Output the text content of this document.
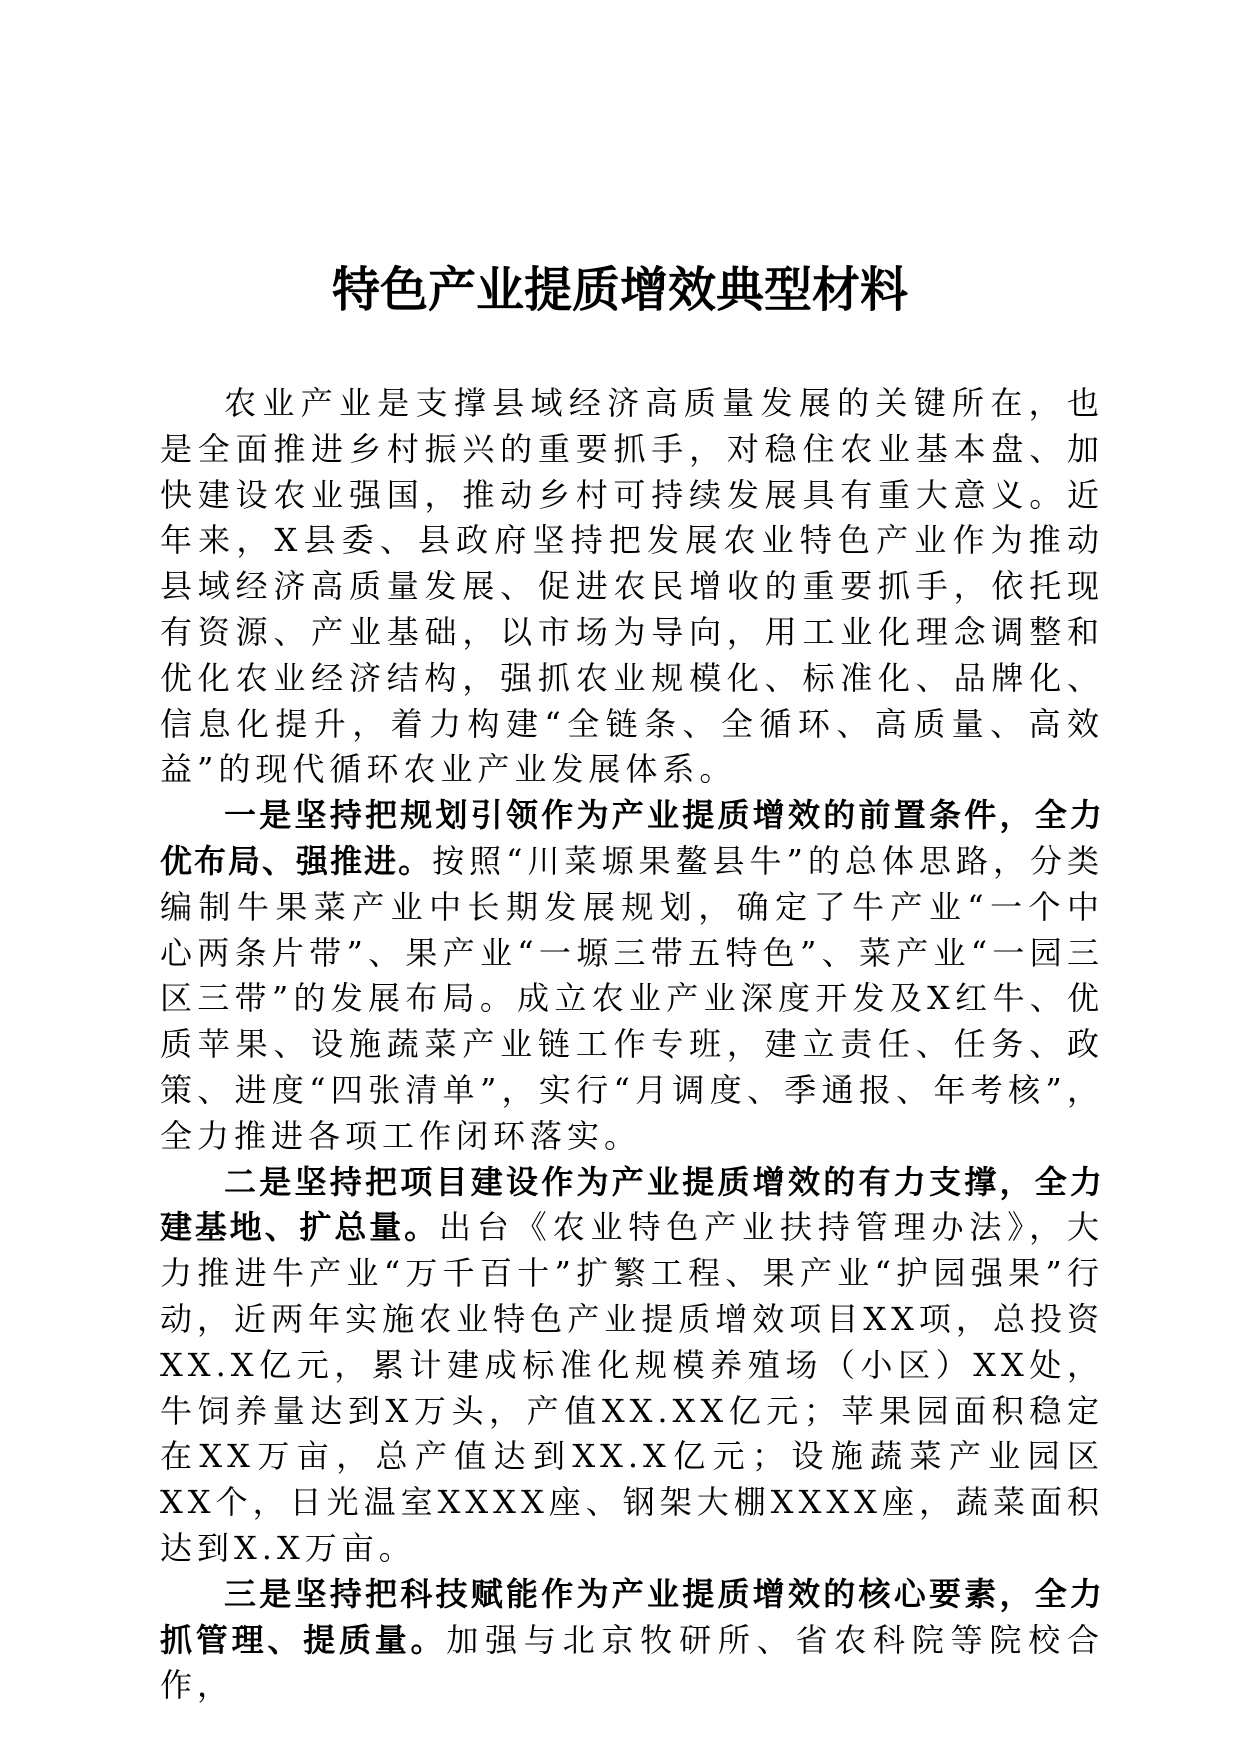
特色产业提质增效典型材料

农业产业是支撑县域经济高质量发展的关键所在，也是全面推进乡村振兴的重要抓手，对稳住农业基本盘、加快建设农业强国，推动乡村可持续发展具有重大意义。近年来，X县委、县政府坚持把发展农业特色产业作为推动县域经济高质量发展、促进农民增收的重要抓手，依托现有资源、产业基础，以市场为导向，用工业化理念调整和优化农业经济结构，强抓农业规模化、标准化、品牌化、信息化提升，着力构建“全链条、全循环、高质量、高效益”的现代循环农业产业发展体系。

一是坚持把规划引领作为产业提质增效的前置条件，全力优布局、强推进。按照“川菜塬果鳌县牛”的总体思路，分类编制牛果菜产业中长期发展规划，确定了牛产业“一个中心两条片带”、果产业“一塬三带五特色”、菜产业“一园三区三带”的发展布局。成立农业产业深度开发及X红牛、优质苹果、设施蔬菜产业链工作专班，建立责任、任务、政策、进度“四张清单”，实行“月调度、季通报、年考核”，全力推进各项工作闭环落实。

二是坚持把项目建设作为产业提质增效的有力支撑，全力建基地、扩总量。出台《农业特色产业扶持管理办法》，大力推进牛产业“万千百十”扩繁工程、果产业“护园强果”行动，近两年实施农业特色产业提质增效项目XX项，总投资XX.X亿元，累计建成标准化规模养殖场（小区）XX处，牛饲养量达到X万头，产值XX.XX亿元；苹果园面积稳定在XX万亩，总产值达到XX.X亿元；设施蔬菜产业园区XX个，日光温室XXXX座、钢架大棚XXXX座，蔬菜面积达到X.X万亩。

三是坚持把科技赋能作为产业提质增效的核心要素，全力抓管理、提质量。加强与北京牧研所、省农科院等院校合作，
